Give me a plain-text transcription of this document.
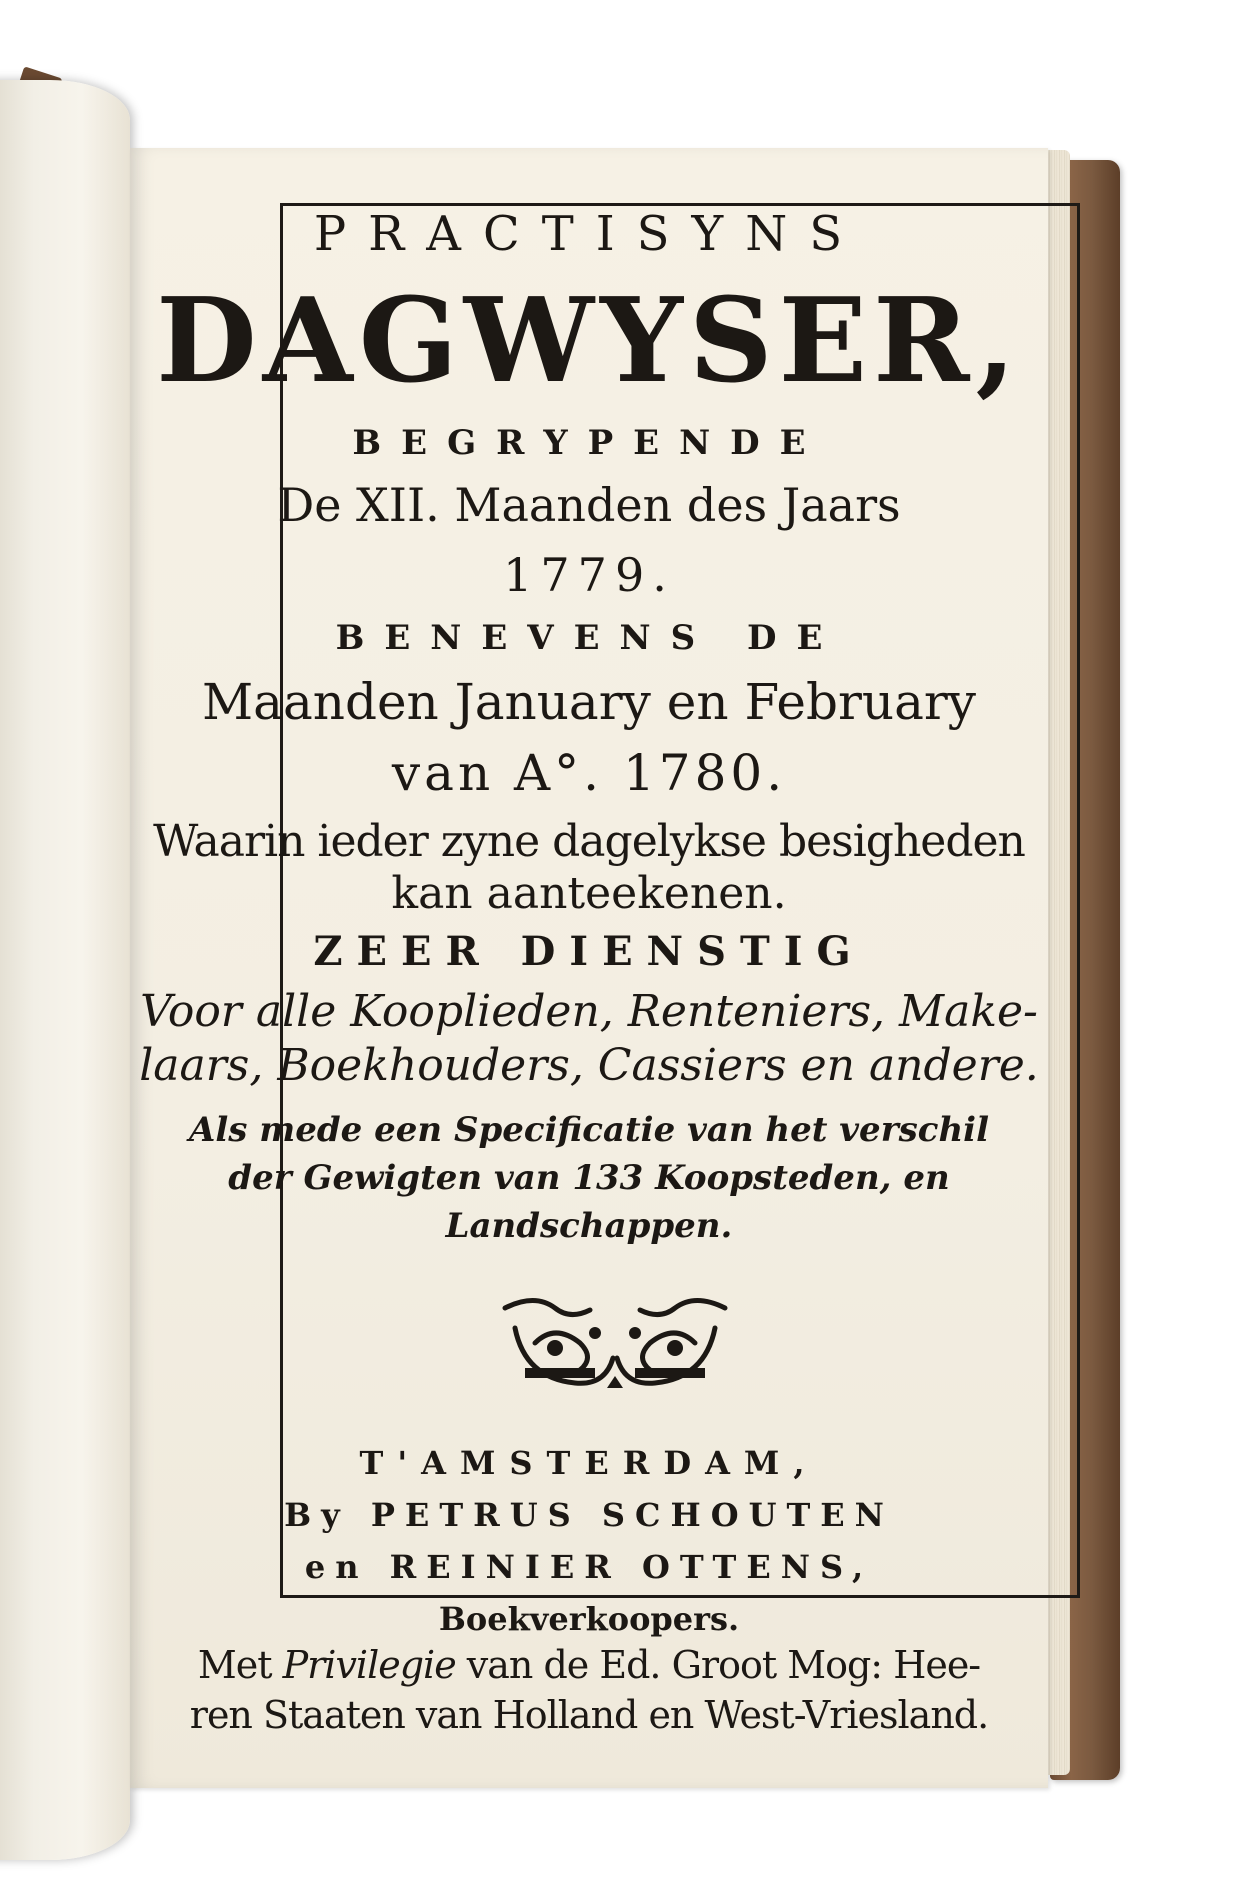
PRACTISYNS
DAGWYSER,
BEGRYPENDE
De XII. Maanden des Jaars
1779.
BENEVENS DE
Maanden January en February
van A°. 1780.
Waarin ieder zyne dagelykse besigheden
kan aanteekenen.
ZEER DIENSTIG
Voor alle Kooplieden, Renteniers, Make-
laars, Boekhouders, Cassiers en andere.
Als mede een Specificatie van het verschil
der Gewigten van 133 Koopsteden, en
Landschappen.
T'AMSTERDAM,
By PETRUS SCHOUTEN
en REINIER OTTENS,
Boekverkoopers.
Met Privilegie van de Ed. Groot Mog: Hee-
ren Staaten van Holland en West-Vriesland.
